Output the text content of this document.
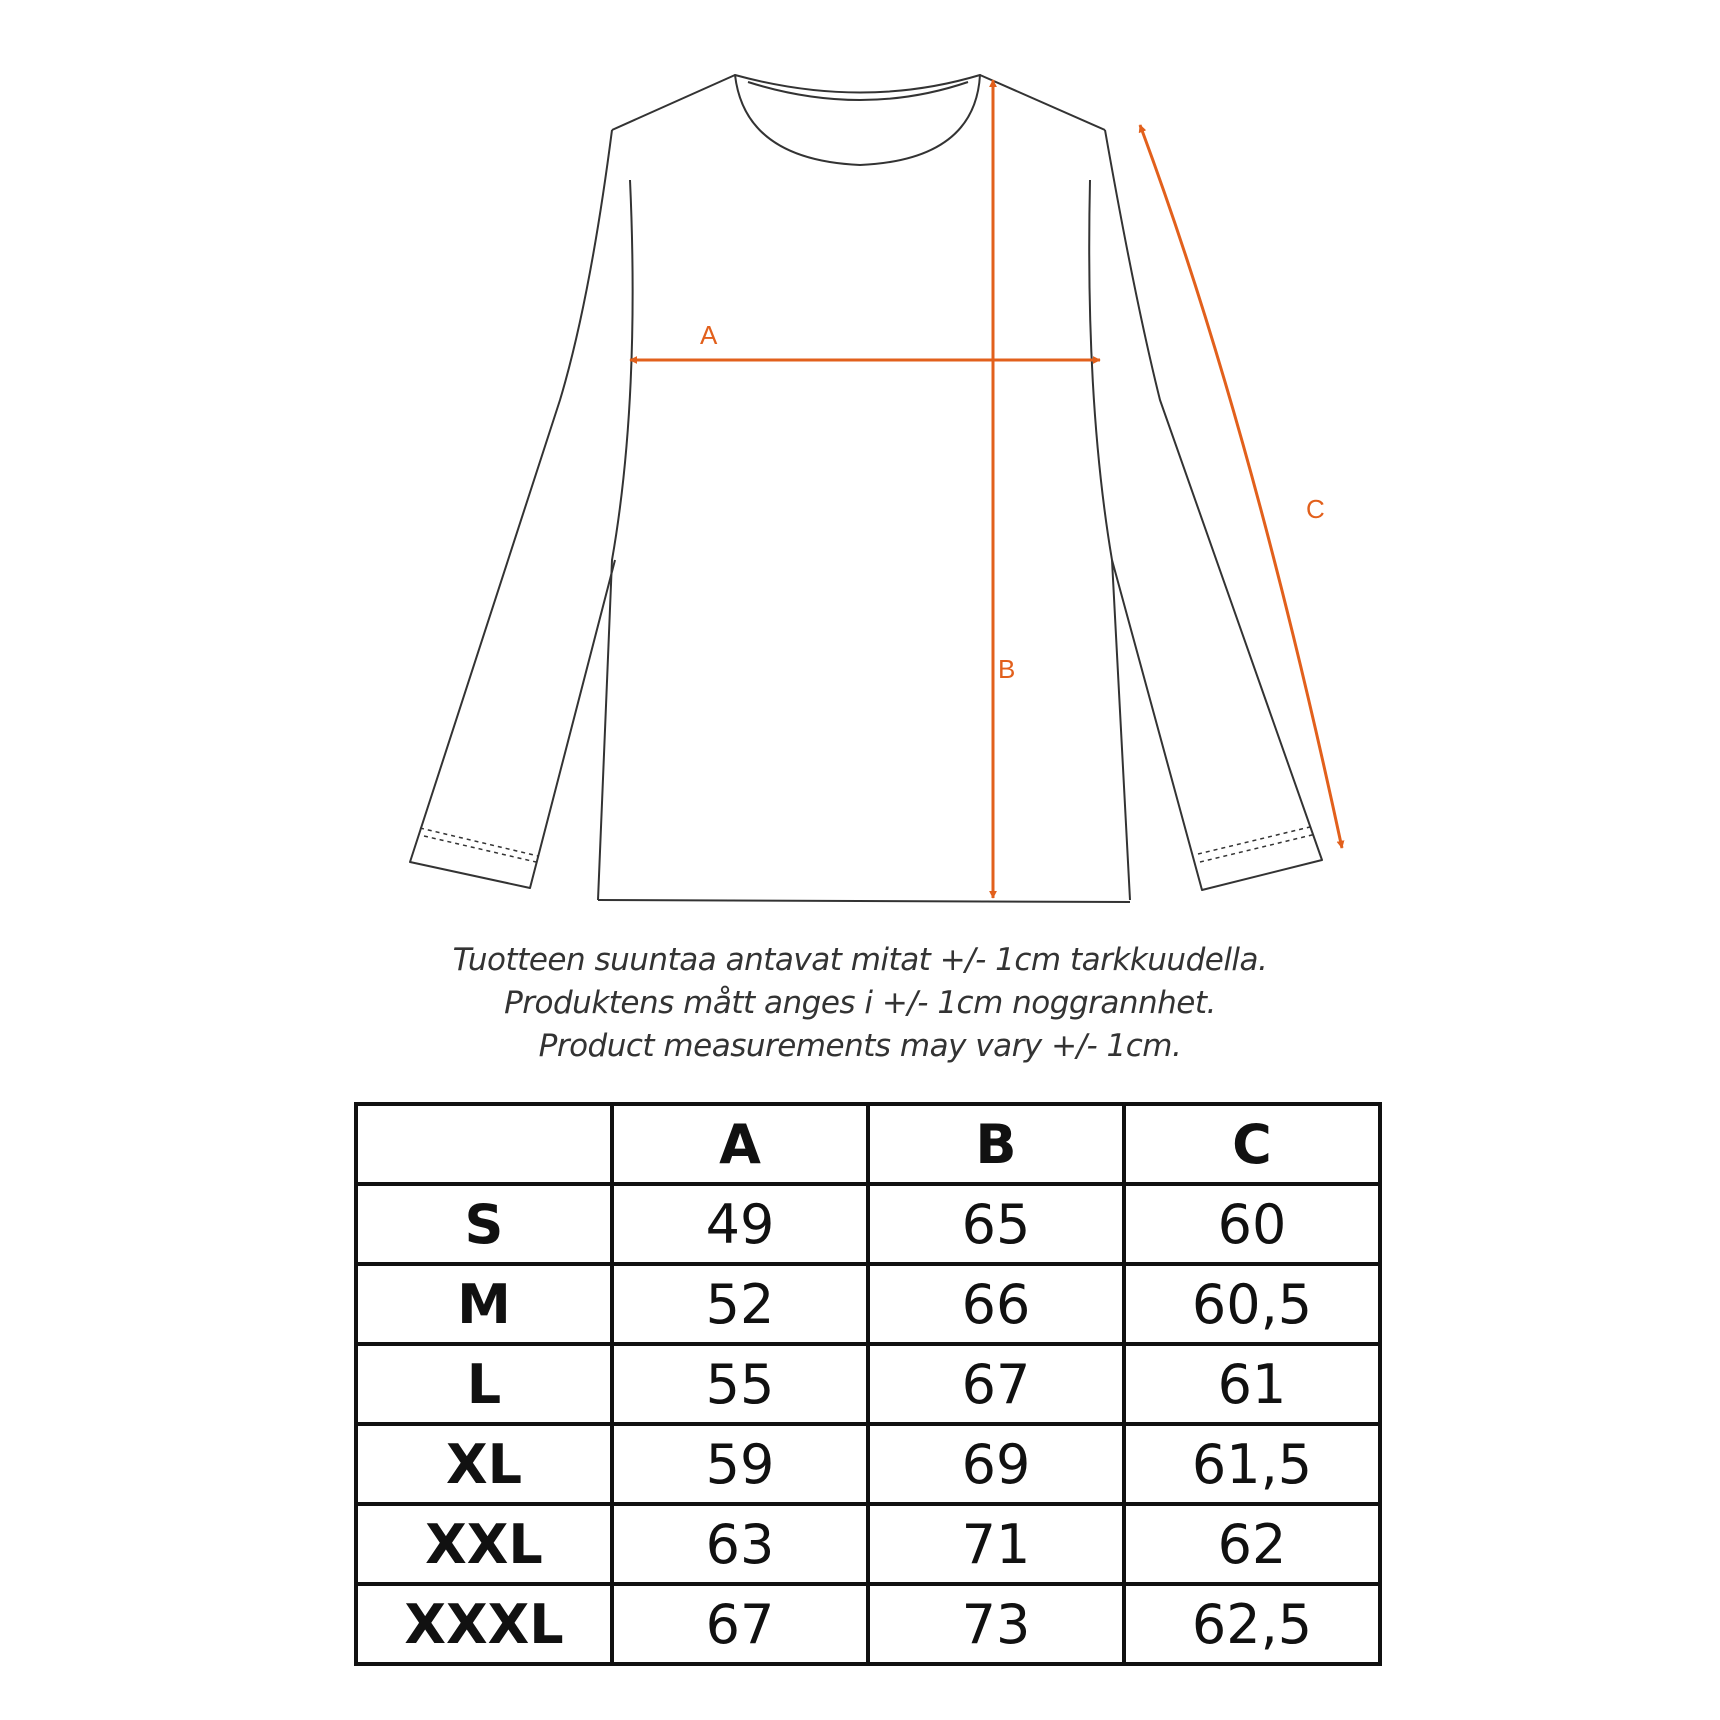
A
B
C
Tuotteen suuntaa antavat mitat +/- 1cm tarkkuudella.
Produktens mått anges i +/- 1cm noggrannhet.
Product measurements may vary +/- 1cm.
	A	B	C
S	49	65	60
M	52	66	60,5
L	55	67	61
XL	59	69	61,5
XXL	63	71	62
XXXL	67	73	62,5
